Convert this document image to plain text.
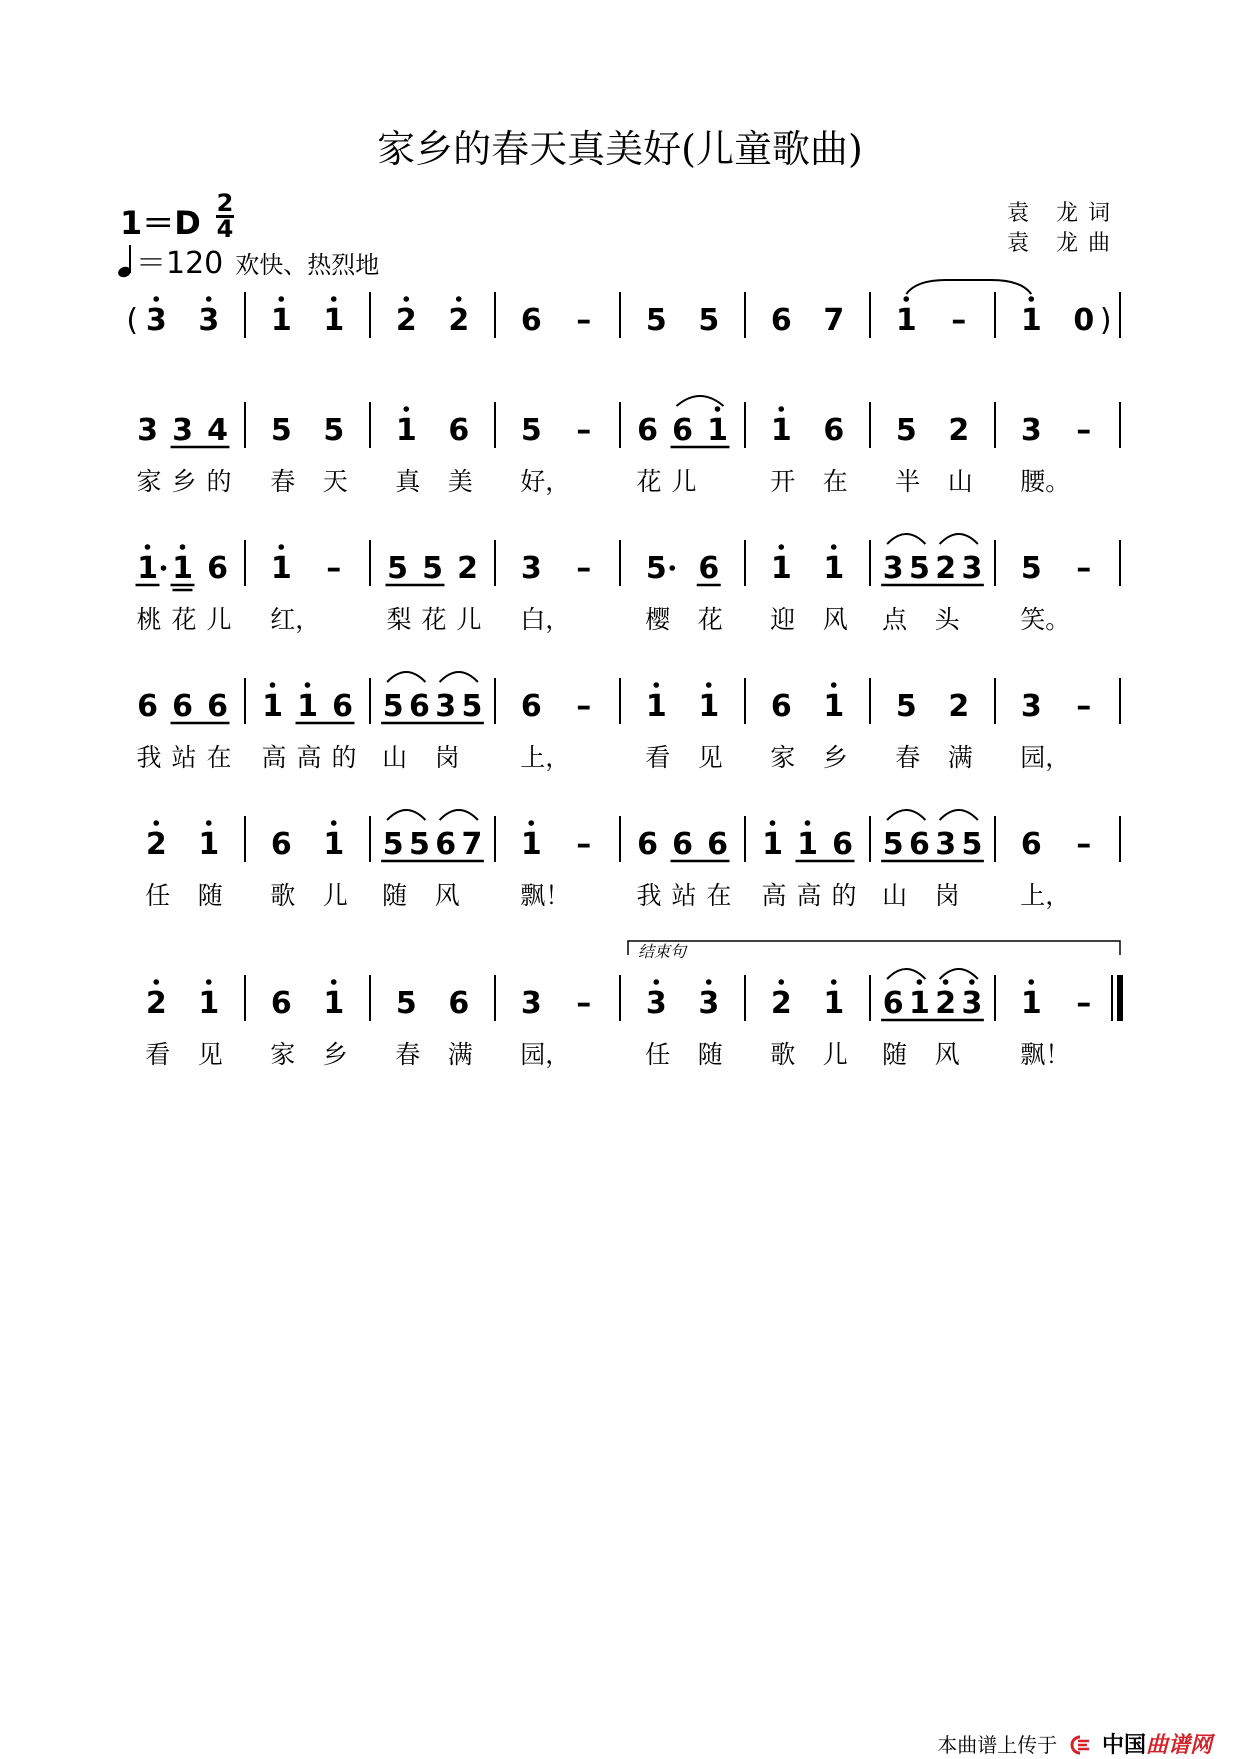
家乡的春天真美好(儿童歌曲)
1＝D
2
4
＝120 欢快、热烈地
袁 龙词
袁 龙曲
( 3 3 1 1 2 2 6 – 5 5 6 7 1 – 1 0 )
3
家
3
乡
4
的
5
春
5
天
1
真
6
美
5
好，
– 6
花
6
儿
1 1
开
6
在
5
半
2
山
3
腰。
–
1
桃
1
花
6
儿
1
红，
– 5
梨
5
花
2
儿
3
白，
– 5
樱
6
花
1
迎
1
风
3
点
5 2
头
3 5
笑。
–
6
我
6
站
6
在
1
高
1
高
6
的
5
山
6 3
岗
5 6
上，
– 1
看
1
见
6
家
1
乡
5
春
2
满
3
园，
–
2
任
1
随
6
歌
1
儿
5
随
5 6
风
7 1
飘！
– 6
我
6
站
6
在
1
高
1
高
6
的
5
山
6 3
岗
5 6
上，
–
2
看
1
见
6
家
1
乡
5
春
6
满
3
园，
– 3
任
3
随
2
歌
1
儿
6
随
1 2
风
3 1
飘！
–
结束句
本曲谱上传于 中国曲谱网
